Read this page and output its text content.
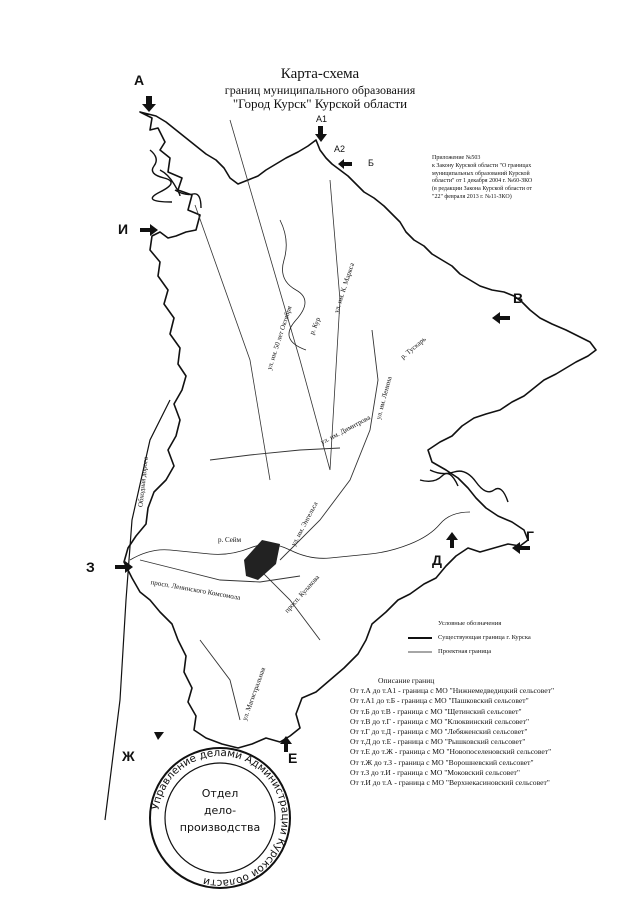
Управление делами Администрации Курской области
Карта-схема
границ муниципального образования
"Город Курск" Курской области
Приложение №503
к Закону Курской области "О границах
муниципальных образований Курской
области" от 1 декабря 2004 г. №60-ЗКО
(в редакции Закона Курской области от
"22" февраля 2013 г. №11-ЗКО)
А
А1
А2
Б
И
В
Г
Д
З
Е
Ж
ул. им. 50 лет Октября
ул. им. К. Маркса
р. Кур
р. Тускарь
ул. им. Ленина
ул. им. Димитрова
ул. им. Энгельса
Обходная дорога
р. Сейм
просп. Кулакова
ул. Магистральная
просп. Ленинского Комсомола
Условные обозначения
Существующая граница г. Курска
Проектная граница
Описание границ
От т.А до т.А1 - граница с МО "Нижнемедведицкий сельсовет"
От т.А1 до т.Б - граница с МО "Пашковский сельсовет"
От т.Б до т.В - граница с МО "Щетинский сельсовет"
От т.В до т.Г - граница с МО "Клюквинский сельсовет"
От т.Г до т.Д - граница с МО "Лебяженский сельсовет"
От т.Д до т.Е - граница с МО "Рышковский сельсовет"
От т.Е до т.Ж - граница с МО "Новопоселеновский сельсовет"
От т.Ж до т.З - граница с МО "Ворошневский сельсовет"
От т.З до т.И - граница с МО "Моковский сельсовет"
От т.И до т.А - граница с МО "Верхнекасиновский сельсовет"
Отдел
дело-
производства
